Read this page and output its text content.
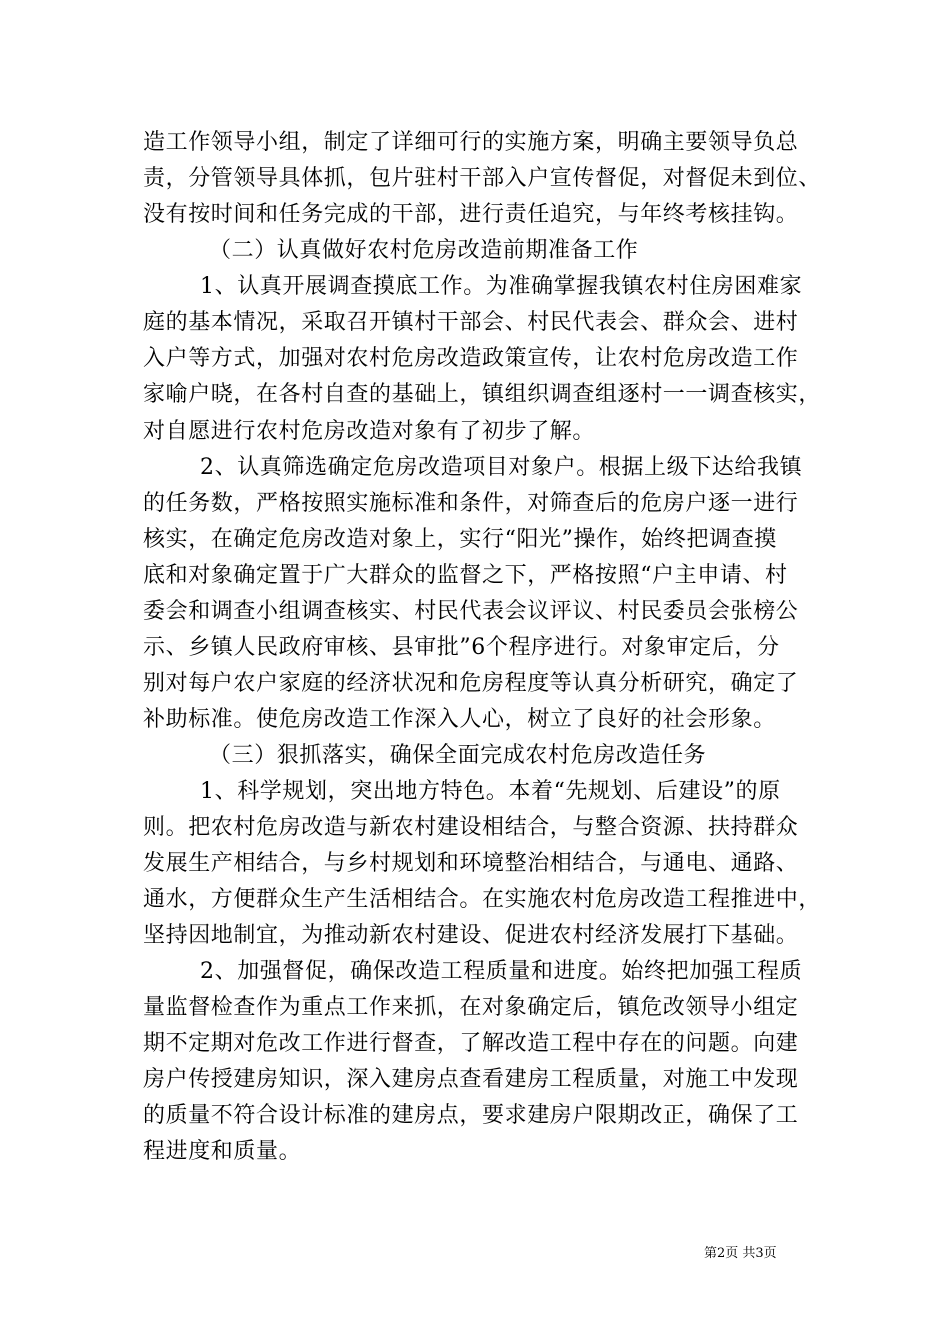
造工作领导小组，制定了详细可行的实施方案，明确主要领导负总
责，分管领导具体抓，包片驻村干部入户宣传督促，对督促未到位、
没有按时间和任务完成的干部，进行责任追究，与年终考核挂钩。
（二）认真做好农村危房改造前期准备工作
1、认真开展调查摸底工作。为准确掌握我镇农村住房困难家
庭的基本情况，采取召开镇村干部会、村民代表会、群众会、进村
入户等方式，加强对农村危房改造政策宣传，让农村危房改造工作
家喻户晓，在各村自查的基础上，镇组织调查组逐村一一调查核实，
对自愿进行农村危房改造对象有了初步了解。
2、认真筛选确定危房改造项目对象户。根据上级下达给我镇
的任务数，严格按照实施标准和条件，对筛查后的危房户逐一进行
核实，在确定危房改造对象上，实行“阳光”操作，始终把调查摸
底和对象确定置于广大群众的监督之下，严格按照“户主申请、村
委会和调查小组调查核实、村民代表会议评议、村民委员会张榜公
示、乡镇人民政府审核、县审批”6个程序进行。对象审定后，分
别对每户农户家庭的经济状况和危房程度等认真分析研究，确定了
补助标准。使危房改造工作深入人心，树立了良好的社会形象。
（三）狠抓落实，确保全面完成农村危房改造任务
1、科学规划，突出地方特色。本着“先规划、后建设”的原
则。把农村危房改造与新农村建设相结合，与整合资源、扶持群众
发展生产相结合，与乡村规划和环境整治相结合，与通电、通路、
通水，方便群众生产生活相结合。在实施农村危房改造工程推进中，
坚持因地制宜，为推动新农村建设、促进农村经济发展打下基础。
2、加强督促，确保改造工程质量和进度。始终把加强工程质
量监督检查作为重点工作来抓，在对象确定后，镇危改领导小组定
期不定期对危改工作进行督查，了解改造工程中存在的问题。向建
房户传授建房知识，深入建房点查看建房工程质量，对施工中发现
的质量不符合设计标准的建房点，要求建房户限期改正，确保了工
程进度和质量。
第2页 共3页
